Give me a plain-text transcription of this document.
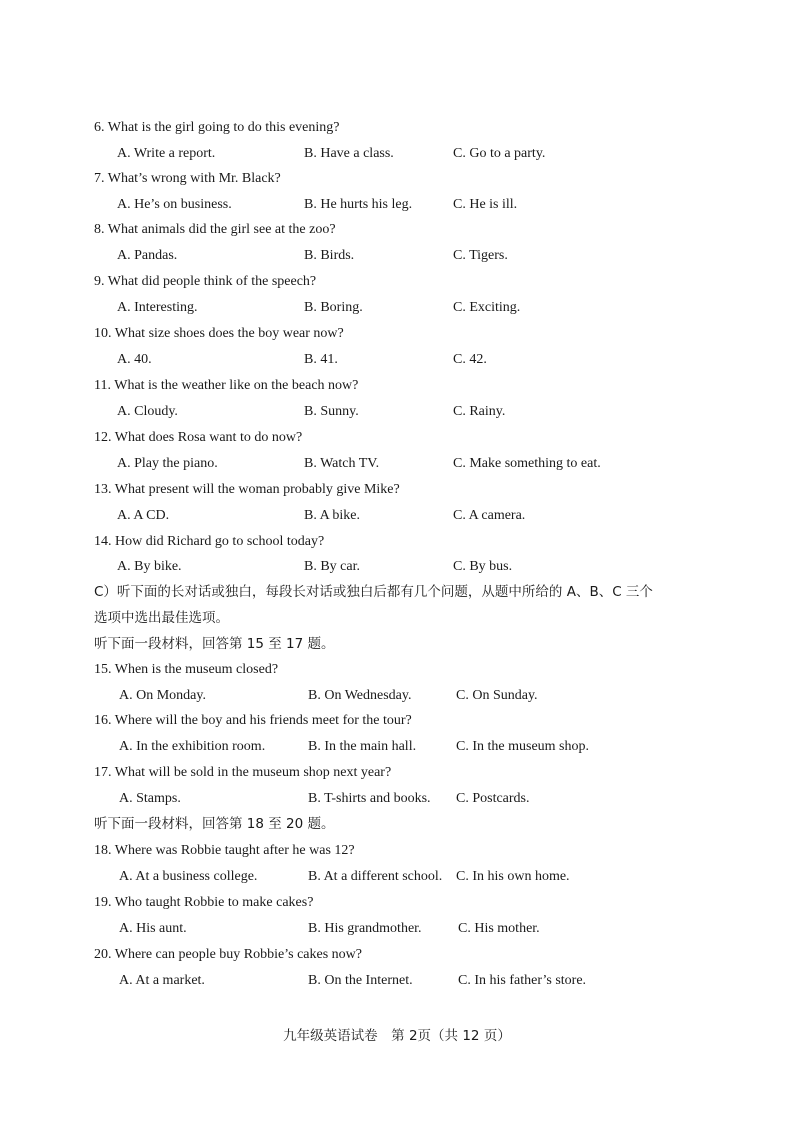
6. What is the girl going to do this evening?
A. Write a report.	B. Have a class.	C. Go to a party.
7. What’s wrong with Mr. Black?
A. He’s on business.	B. He hurts his leg.	C. He is ill.
8. What animals did the girl see at the zoo?
A. Pandas.	B. Birds.	C. Tigers.
9. What did people think of the speech?
A. Interesting.	B. Boring.	C. Exciting.
10. What size shoes does the boy wear now?
A. 40.	B. 41.	C. 42.
11. What is the weather like on the beach now?
A. Cloudy.	B. Sunny.	C. Rainy.
12. What does Rosa want to do now?
A. Play the piano.	B. Watch TV.	C. Make something to eat.
13. What present will the woman probably give Mike?
A. A CD.	B. A bike.	C. A camera.
14. How did Richard go to school today?
A. By bike.	B. By car.	C. By bus.
C）听下面的长对话或独白，每段长对话或独白后都有几个问题，从题中所给的 A、B、C 三个
选项中选出最佳选项。
听下面一段材料，回答第 15 至 17 题。
15. When is the museum closed?
A. On Monday.	B. On Wednesday.	C. On Sunday.
16. Where will the boy and his friends meet for the tour?
A. In the exhibition room.	B. In the main hall.	C. In the museum shop.
17. What will be sold in the museum shop next year?
A. Stamps.	B. T-shirts and books. C. Postcards.
听下面一段材料，回答第 18 至 20 题。
18. Where was Robbie taught after he was 12?
A. At a business college.	B. At a different school. C. In his own home.
19. Who taught Robbie to make cakes?
A. His aunt.	B. His grandmother.	C. His mother.
20. Where can people buy Robbie’s cakes now?
A. At a market.	B. On the Internet.	C. In his father’s store.
九年级英语试卷　第 2页（共 12 页）
